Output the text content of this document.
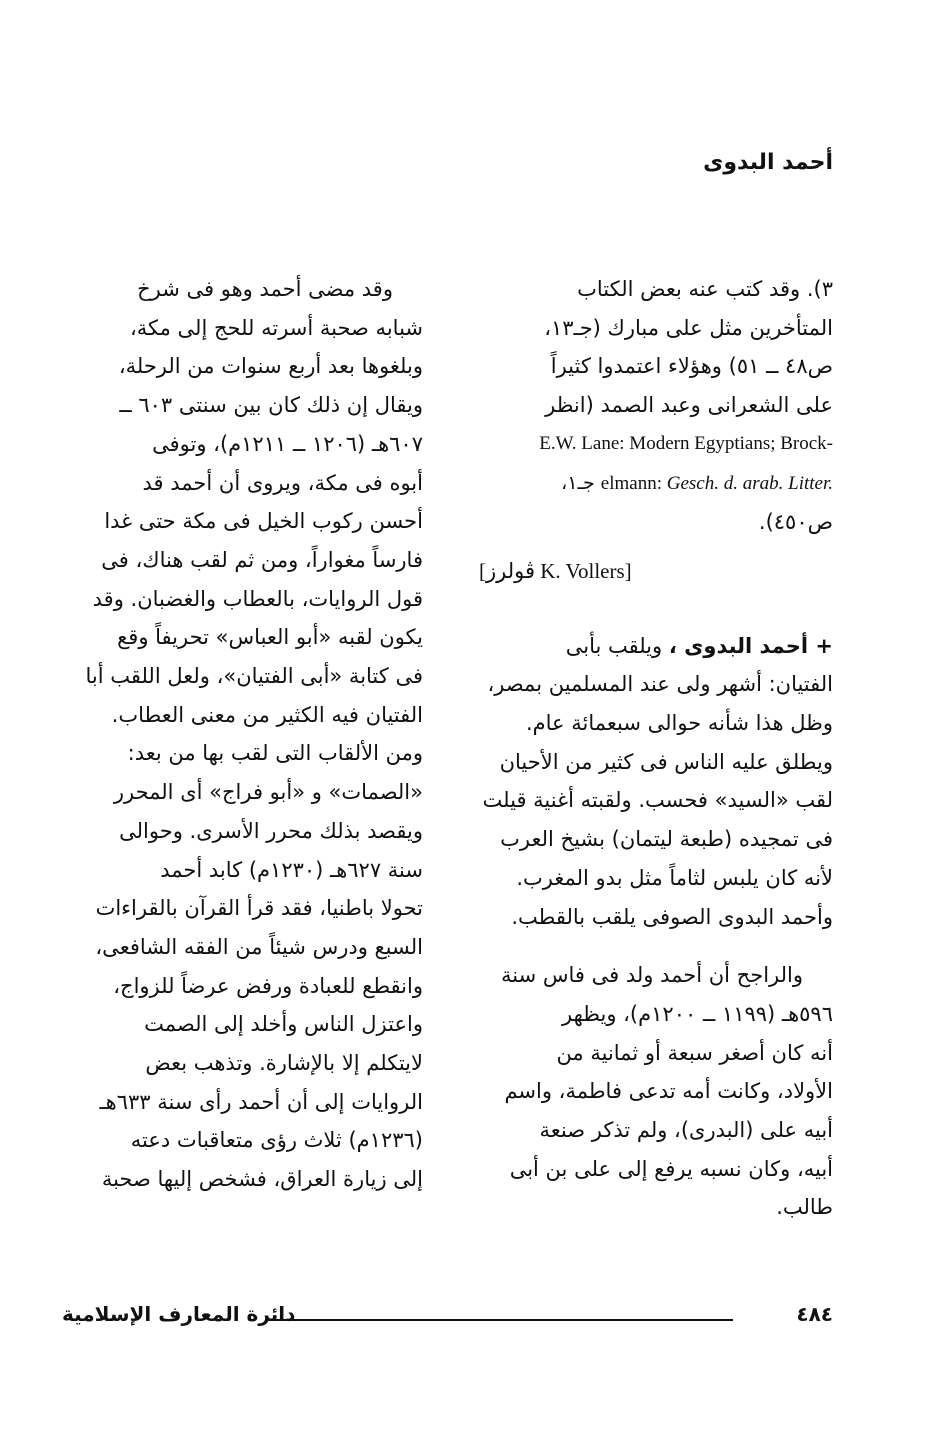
أحمد البدوى

٣). وقد كتب عنه بعض الكتاب

المتأخرين مثل على مبارك (جـ١٣،

ص٤٨ ــ ٥١) وهؤلاء اعتمدوا كثيراً

على الشعرانى وعبد الصمد (انظر

E.W. Lane: Modern Egyptians; Brock-

elmann: Gesch. d. arab. Litter. جـ١،

ص٤٥٠).

[ڤولرز K. Vollers]

+ أحمد البدوى ، ويلقب بأبى

الفتيان: أشهر ولى عند المسلمين بمصر،

وظل هذا شأنه حوالى سبعمائة عام.

ويطلق عليه الناس فى كثير من الأحيان

لقب «السيد» فحسب. ولقبته أغنية قيلت

فى تمجيده (طبعة ليتمان) بشيخ العرب

لأنه كان يلبس لثاماً مثل بدو المغرب.

وأحمد البدوى الصوفى يلقب بالقطب.

والراجح أن أحمد ولد فى فاس سنة

٥٩٦هـ (١١٩٩ ــ ١٢٠٠م)، ويظهر

أنه كان أصغر سبعة أو ثمانية من

الأولاد، وكانت أمه تدعى فاطمة، واسم

أبيه على (البدرى)، ولم تذكر صنعة

أبيه، وكان نسبه يرفع إلى على بن أبى

طالب.

وقد مضى أحمد وهو فى شرخ

شبابه صحبة أسرته للحج إلى مكة،

وبلغوها بعد أربع سنوات من الرحلة،

ويقال إن ذلك كان بين سنتى ٦٠٣ ــ

٦٠٧هـ (١٢٠٦ ــ ١٢١١م)، وتوفى

أبوه فى مكة، ويروى أن أحمد قد

أحسن ركوب الخيل فى مكة حتى غدا

فارساً مغواراً، ومن ثم لقب هناك، فى

قول الروايات، بالعطاب والغضبان. وقد

يكون لقبه «أبو العباس» تحريفاً وقع

فى كتابة «أبى الفتيان»، ولعل اللقب أبا

الفتيان فيه الكثير من معنى العطاب.

ومن الألقاب التى لقب بها من بعد:

«الصمات» و «أبو فراج» أى المحرر

ويقصد بذلك محرر الأسرى. وحوالى

سنة ٦٢٧هـ (١٢٣٠م) كابد أحمد

تحولا باطنيا، فقد قرأ القرآن بالقراءات

السبع ودرس شيئاً من الفقه الشافعى،

وانقطع للعبادة ورفض عرضاً للزواج،

واعتزل الناس وأخلد إلى الصمت

لايتكلم إلا بالإشارة. وتذهب بعض

الروايات إلى أن أحمد رأى سنة ٦٣٣هـ

(١٢٣٦م) ثلاث رؤى متعاقبات دعته

إلى زيارة العراق، فشخص إليها صحبة

دائرة المعارف الإسلامية	٤٨٤
